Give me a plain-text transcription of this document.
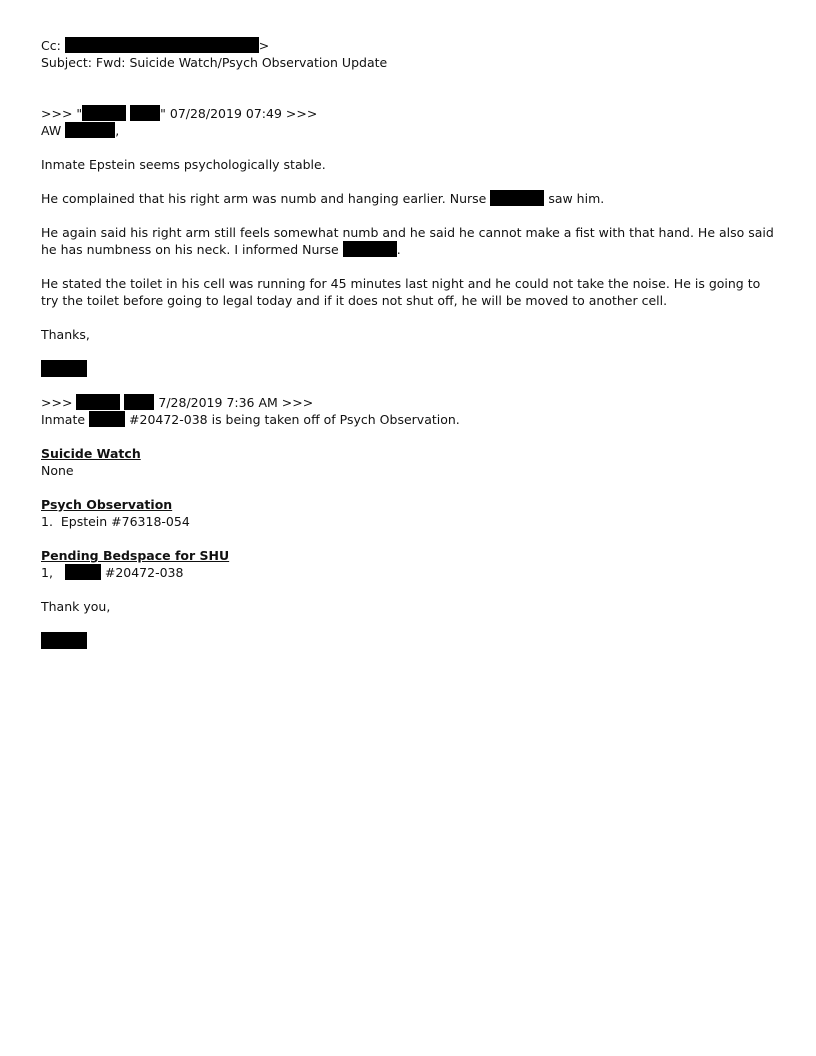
Cc:	>
Subject: Fwd: Suicide Watch/Psych Observation Update
>>> "	" 07/28/2019 07:49 >>>
AW	,
Inmate Epstein seems psychologically stable.
He complained that his right arm was numb and hanging earlier. Nurse	saw him.
He again said his right arm still feels somewhat numb and he said he cannot make a fist with that hand. He also said he has numbness on his neck. I informed Nurse	.
He stated the toilet in his cell was running for 45 minutes last night and he could not take the noise. He is going to try the toilet before going to legal today and if it does not shut off, he will be moved to another cell.
Thanks,
>>>	7/28/2019 7:36 AM >>>
Inmate	#20472-038 is being taken off of Psych Observation.
Suicide Watch
None
Psych Observation
1.  Epstein #76318-054
Pending Bedspace for SHU
1,	#20472-038
Thank you,
